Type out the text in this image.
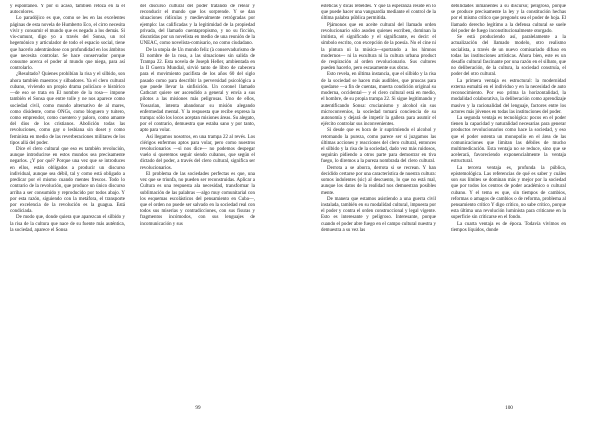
y espontáneo. Y por si acaso, también retoza en la el autocolores.

Lo paradójico es que, como se les en las excelentes páginas de esta novela de Humberto Eco, el cirro necesita vivir y consumir el mundo que es negado a los demás. Si vis-cumunt, digo yo a través del Sonsa, un rol hegemónico y articulador de todo el espacio social, tiene que hacerlo adentrándose con profundidad en los ámbitos que necesita controlar. Se hace conservador porque consume acerca el poder al mundo que niega, para así controlarlo.

¿Resultado? Quienes prohibían la risa y el silbido, son ahora también maestros y silbadores. Ya el clero cultural cubano, viviendo un propio drama policíaco e histórico —de eso se trata en El nombre de la rosa— impone también el Sonsa que entre tolle y ne nos aparece como sociedad civil, como mundo alternativo de al mares, como disidente, como ONGs, como bloguero y tuitero, como emprendor, como cuentero y paloro, como amante del dios de los cristianos. Abolición todas las revoluciones, como gay o lesbiana sin doset y como feminista en medio de las reverberaciones militares de los tipos allá del poder.

Dice el clero cultural que eso es también revolución, aunque introducirse en estos mundos sea precisamente negarlos. ¿Y por qué? Porque una vez que se introduces en ellos, están obligados a producir un discurso individual, aunque sea débil, tal y como está obligado a predicar por el mismo cuando mentes frescos. Todo lo contrario de la revolución, que produce un único discurso arriba a ser consumido y reproducido por todos abajo. Y por esta razón, siguiendo con la metáfora, el transporte por excelencia de la revolución es la guagua. Está condiciada.

De modo que, donde quiera que aparezcan el silbido y la risa de la cultura que nace de su fuente más auténtica, la sociedad, aparece el Sonsa

del discurso cultural del poder tratando de relear y reconducir el mundo que los sorprende. Y se dan situaciones ridículas y medievalmente retrógradas por ejemplo: las calificadas y la legitimidad de la propiedad privada, del llamado cuentapropismo, y no su ficción, discutidas por un novelista en medio de una reunión de la UNEAC, como novelista-comisario, no como ciudadano.

De la utopía de Un mundo feliz (à conservadurismo de El nombre de la rosa, a las situaciones sin salida de Trampa 22. Esta novela de Joseph Heller, ambientada en la II Guerra Mundial, sirvió tanto de libro de cabecera para el movimiento pacifista de los años 60 del siglo pasado como para describir la perversidad psicológica a que puede llevar la sinfisición. Un coronel llamado Cathcart quiere ser ascendido a general y envía a sus pilotos a las misiones más peligrosas. Uno de ellos, Yossarian, intenta abandonar su misión alegando enfermedad mental. Y la respuesta que recibe expresa la trampa: sólo los locos aceptan misiones áreas. Su alegato, por el contrario, demuestra que estaba sano y por tanto, apto para volar.

Así llegamos nosotros, en una trampa 22 al revés. Los clérigos enfermos aptos para volar, pero como nuestros revolucionarios —si nos dice— no podemos despegar vuelo si queremos seguir siendo cubanos, que según el dictado del poder, a través del clero cultural, significa ser revolucionarios.

El problema de las sociedades perfectas es que, una vez que se triunfa, no pueden ser reconstruidas. Aplicar a Cultura es una respuesta ala necesidad, transformar la sublimación de las palabras —algo muy comunitarial con los esquemas escolásticos del pensamiento en Cuba—, que el orden no puede ser salvado en la sociedad real con todos sus miserias y contradicciones, con sus fisuras y fragmentos incómodos, con sus lenguajes de incomunicación y sus

estéticas y dicas rebeldes. Y que la esperanza reside en lo que puede hacer una vanguardia mediante el control de la última palabra pública permitida.

Pjámonos que en aceite cultural del llamado orden revolucionario sólo asoden quienes escriben, dominan la imitista, el significado y el significante, es decir: el símbolo escrito, con excepción de la poesía. No el cine ni la pintura ni la música—sportando a los himnos modernos— ni la escultura ni la cultura urbana product de respiración al orden revolucionario. Sus cultores pueden hacerlo, pero escasamente sus obras.

Esto revela, en última instancia, que el silbido y la risa de la sociedad se hacen más audibles, que pruscas para quedarse —a fin de cuentas, muerta condición original su moderna, occidental— y el clero cultural está en medio, el hombre, de su propia trampa 22. Si sigue legitimando y autentificando Sonsa: crucianismo y alcohol sin sus microconvenios, la sociedad tomará conciencia de su autonomía y dejará de impetir la gallera para asumir el ejército controlar sus inconvenientes.

Si desde que es hora de ir suprimiendo el alcohol y retornando la pureza, como parece ser si juzgamos las últimas acciones y reacciones del clero cultural, entonces el silbido y la risa de la sociedad, dado vez más ruidosos, seguirán pidiendo a otros parte para demostrar en tiva fuego, lo diremos a la pureza nombrada del clero cultural.

Derrota a se aborra, derrota si se recrean. Y han decidido certarse por una característica de nuestra cultura: somos indolentes (sic) al descuento, lo que no está mal, aunque los datos de la realidad nos demuestran posibles mente.

De manera que estamos asistiendo a una guerra civil instalada, también en su modalidad cultural, impuesta por el poder y contra el orden construccional y legal vigente. Esto es interesante y peligroso. Interesante, porque cuando el poder abre fuego en el campo cultural nuestra y demuestra a su vez las

debilidades inmanentes a su discurso; peligroso, porque se produce precisamente la ley y la constitución hechas por el mismo crítico que pregonéz sea el poder de hoja. El llamado derecho legítimo a la defensa cultural se suele del poder de fuego inconstitucionalmente otorgado.

Se está produciendo así, paralelamente a la actualización del llamado modelo, otro realismo socialista, a través de un nuevo comisariado difuso en todas las instituciones artísticas. Ahora bien, este es un desafío cultural fascinante por una razón en el silbato, que no deliberación, de la cultura, la sociedad construía, el poder del otro cultural.

La primera ventaja es estructural: la modernidad externa esmaltá en el individuo y en la necesidad de auto reconocimiento. Por eso prima la horizontalidad, la modalidad colaborativa, la deliberación como aprendizaje masivo y la racionalidad del lenguaje, factores entre los actores más jóvenes en todas las instituciones del poder.

La segunda ventaja es tecnológica: pocos en el poder tienen la capacidad y naturalidad necesarias para generar productos revolucionarios como hace la sociedad, y eso que el poder ostenta un monopolio en el área de las comunicaciones que limitan las débiles de mucho multimedicación. Esta ventaja no se reduce, sino que se acelerará, favoreciendo exponencialmente la ventaja estructural.

La tercera ventaja es, profunda la pública, epistemológica. Las referencias de qué es saber y cuáles son sus límites se dominan más y mejor por la sociedad que por todos los centros de poder académico o cultural cubano. Y el tema es que, sin tiempos de cambios, reformas o amagos de cambios o de reforma, problema al pensamiento crítico Y digo crítico, no sabe crítico, porque esta última una revolución luminista para criticarse en la superficie sin criticarse en el fondo.

La cuarta ventaja es de época. Todavía vivimos en tiempos líquidos, donde

99	100
